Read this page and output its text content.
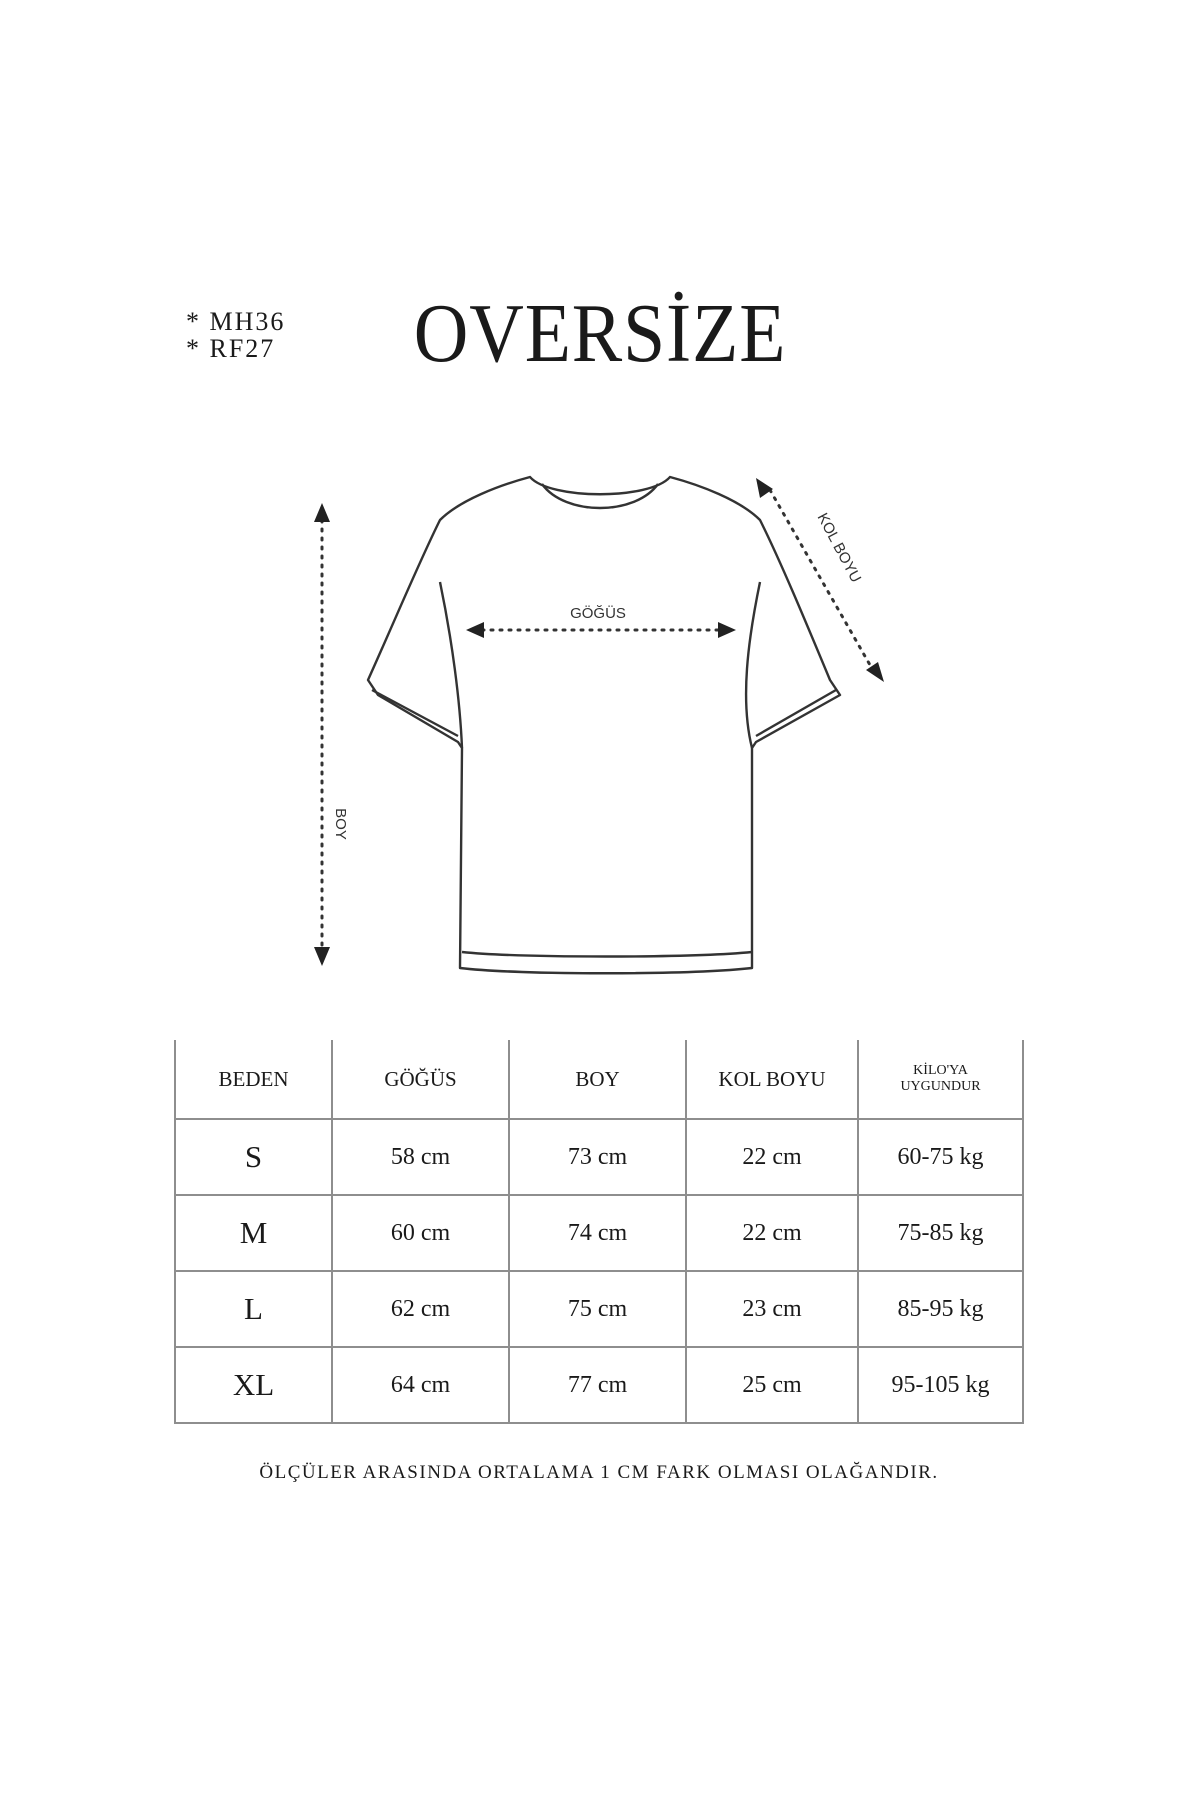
* MH36
* RF27	OVERSİZE
BOY
GÖĞÜS
KOL BOYU
BEDEN	GÖĞÜS	BOY	KOL BOYU	KİLO'YA
UYGUNDUR
S	58 cm	73 cm	22 cm	60-75 kg
M	60 cm	74 cm	22 cm	75-85 kg
L	62 cm	75 cm	23 cm	85-95 kg
XL	64 cm	77 cm	25 cm	95-105 kg
ÖLÇÜLER ARASINDA ORTALAMA 1 CM FARK OLMASI OLAĞANDIR.
